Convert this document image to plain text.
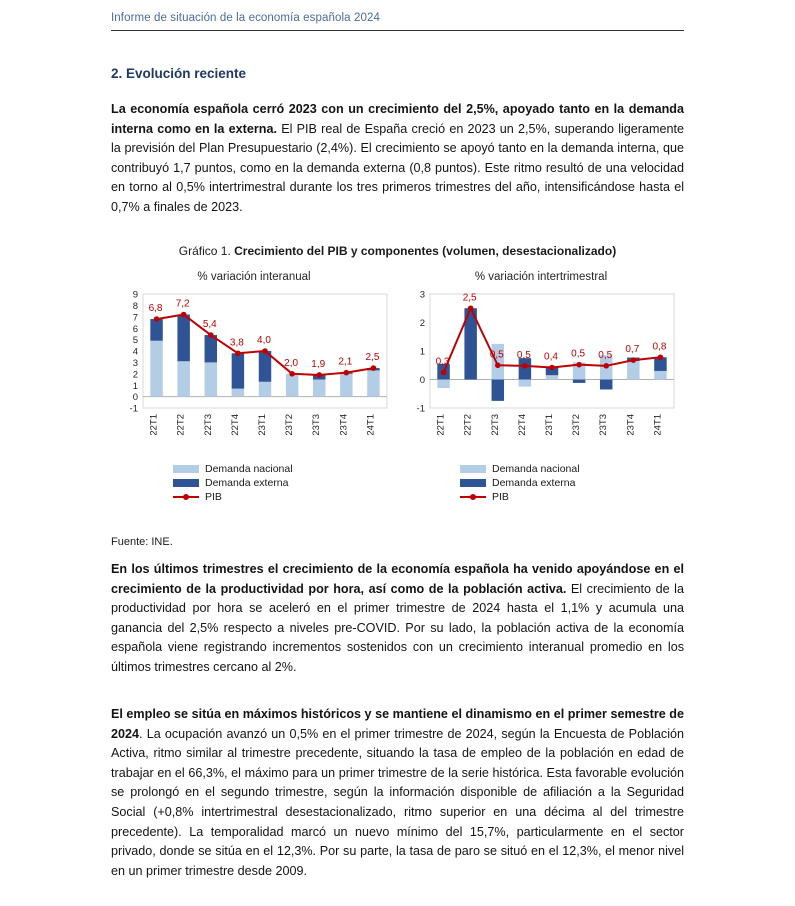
Informe de situación de la economía española 2024
2. Evolución reciente
La economía española cerró 2023 con un crecimiento del 2,5%, apoyado tanto en la demanda interna como en la externa. El PIB real de España creció en 2023 un 2,5%, superando ligeramente la previsión del Plan Presupuestario (2,4%). El crecimiento se apoyó tanto en la demanda interna, que contribuyó 1,7 puntos, como en la demanda externa (0,8 puntos). Este ritmo resultó de una velocidad en torno al 0,5% intertrimestral durante los tres primeros trimestres del año, intensificándose hasta el 0,7% a finales de 2023.
Gráfico 1. Crecimiento del PIB y componentes (volumen, desestacionalizado)
% variación interanual
-1
0
1
2
3
4
5
6
7
8
9
6,8 7,2
5,4
3,8 4,0
2,0 1,9 2,1 2,5
22T1 22T2 22T3 22T4 23T1 23T2 23T3 23T4 24T1
Demanda nacional
Demanda externa
PIB
% variación intertrimestral
-1
0
1
2
3
0,3
2,5
0,5 0,5 0,4 0,5 0,5
0,7 0,8
22T1 22T2 22T3 22T4 23T1 23T2 23T3 23T4 24T1
Demanda nacional
Demanda externa
PIB
Fuente: INE.
En los últimos trimestres el crecimiento de la economía española ha venido apoyándose en el crecimiento de la productividad por hora, así como de la población activa. El crecimiento de la productividad por hora se aceleró en el primer trimestre de 2024 hasta el 1,1% y acumula una ganancia del 2,5% respecto a niveles pre-COVID. Por su lado, la población activa de la economía española viene registrando incrementos sostenidos con un crecimiento interanual promedio en los últimos trimestres cercano al 2%.
El empleo se sitúa en máximos históricos y se mantiene el dinamismo en el primer semestre de 2024. La ocupación avanzó un 0,5% en el primer trimestre de 2024, según la Encuesta de Población Activa, ritmo similar al trimestre precedente, situando la tasa de empleo de la población en edad de trabajar en el 66,3%, el máximo para un primer trimestre de la serie histórica. Esta favorable evolución se prolongó en el segundo trimestre, según la información disponible de afiliación a la Seguridad Social (+0,8% intertrimestral desestacionalizado, ritmo superior en una décima al del trimestre precedente). La temporalidad marcó un nuevo mínimo del 15,7%, particularmente en el sector privado, donde se sitúa en el 12,3%. Por su parte, la tasa de paro se situó en el 12,3%, el menor nivel en un primer trimestre desde 2009.
